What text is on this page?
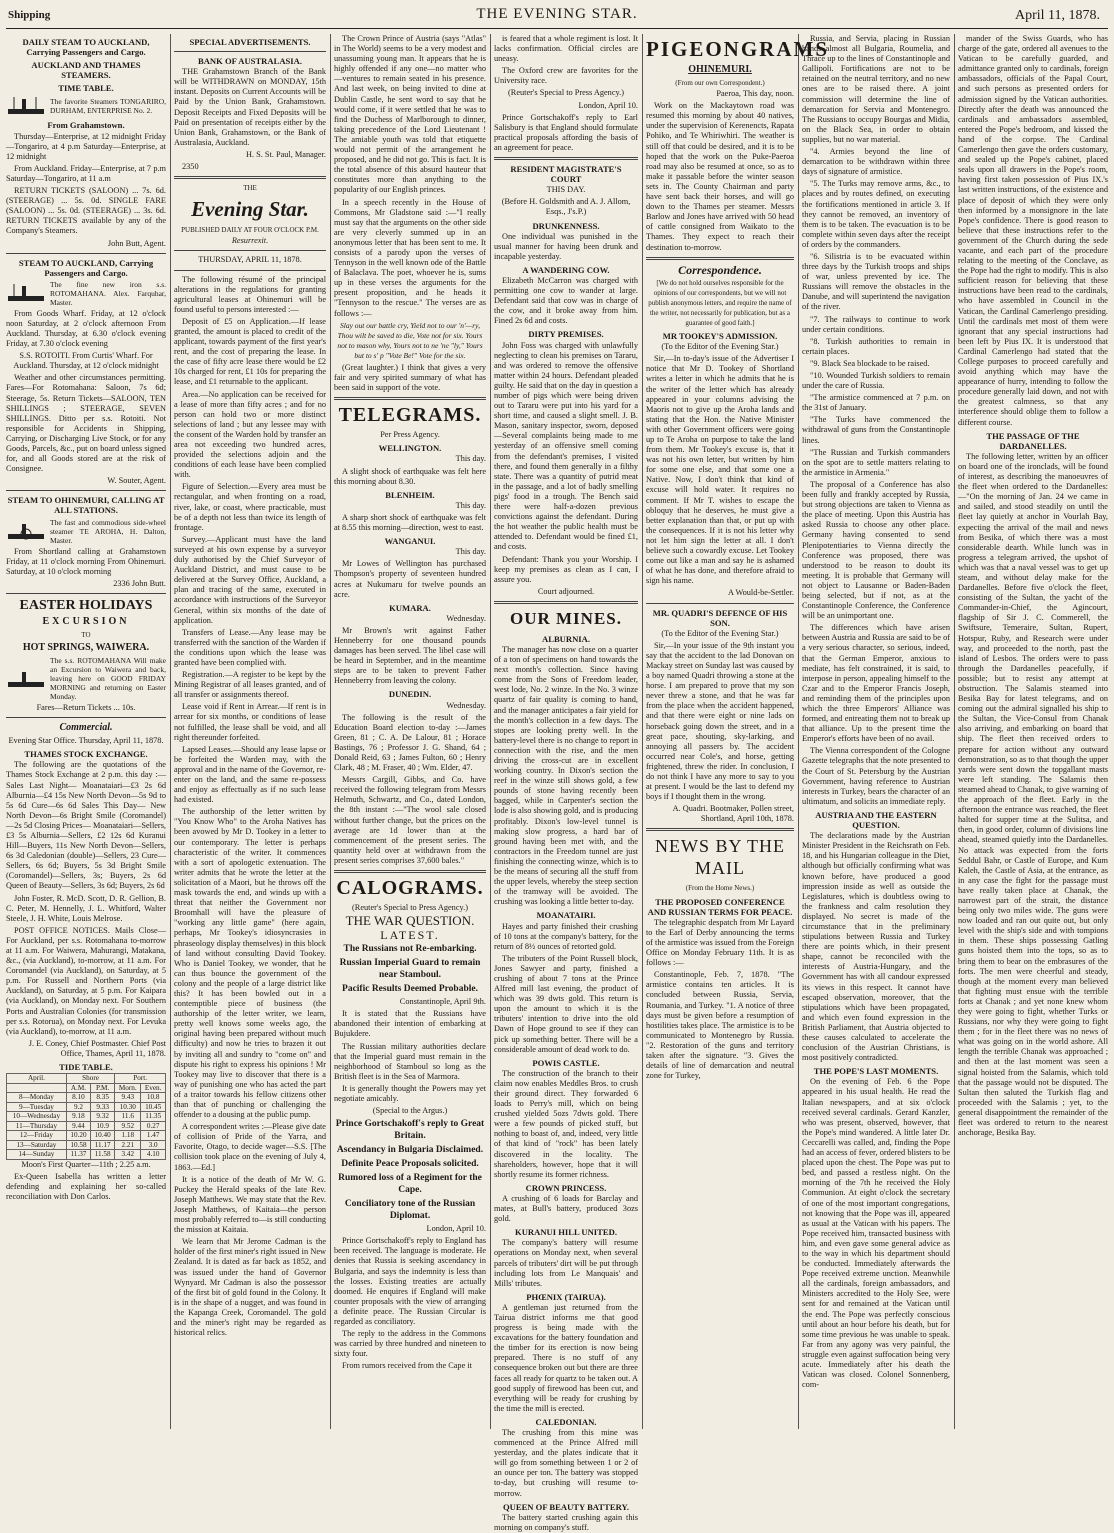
Shipping	THE EVENING STAR.	April 11, 1878.

DAILY STEAM TO AUCKLAND, Carrying Passengers and Cargo.

AUCKLAND AND THAMES STEAMERS.

TIME TABLE.

The favorite Steamers TONGARIRO, DURHAM, ENTERPRISE No. 2.

From Grahamstown.

Thursday—Enterprise, at 12 midnight Friday—Tongariro, at 4 p.m Saturday—Enterprise, at 12 midnight

From Auckland. Friday—Enterprise, at 7 p.m Saturday—Tongariro, at 11 a.m

RETURN TICKETS (SALOON) ... 7s. 6d. (STEERAGE) ... 5s. 0d. SINGLE FARE (SALOON) ... 5s. 0d. (STEERAGE) ... 3s. 6d. RETURN TICKETS available by any of the Company's Steamers.

John Butt, Agent.

STEAM TO AUCKLAND, Carrying Passengers and Cargo.

The fine new iron s.s. ROTOMAHANA. Alex. Farquhar, Master.

From Goods Wharf. Friday, at 12 o'clock noon Saturday, at 2 o'clock afternoon From Auckland. Thursday, at 6.30 o'clock evening Friday, at 7.30 o'clock evening

S.S. ROTOITI. From Curtis' Wharf. For Auckland. Thursday, at 12 o'clock midnight

Weather and other circumstances permitting. Fares—For Rotomahana: Saloon, 7s 6d; Steerage, 5s. Return Tickets—SALOON, TEN SHILLINGS ; STEERAGE, SEVEN SHILLINGS. Ditto per s.s. Rotoiti. Not responsible for Accidents in Shipping, Carrying, or Discharging Live Stock, or for any Goods, Parcels, &c., put on board unless signed for, and all Goods stored are at the risk of Consignee.

W. Souter, Agent.

STEAM TO OHINEMURI, CALLING AT ALL STATIONS.

The fast and commodious side-wheel steamer TE AROHA, H. Dalton, Master.

From Shortland calling at Grahamstown Friday, at 11 o'clock morning From Ohinemuri. Saturday, at 10 o'clock morning

2336 John Butt.

EASTER HOLIDAYS

EXCURSION

TO

HOT SPRINGS, WAIWERA.

The s.s. ROTOMAHANA Will make an Excursion to Waiwera and back, leaving here on GOOD FRIDAY MORNING and returning on Easter Monday.

Fares—Return Tickets ... 10s.

Commercial.

Evening Star Office. Thursday, April 11, 1878.

THAMES STOCK EXCHANGE.

The following are the quotations of the Thames Stock Exchange at 2 p.m. this day :— Sales Last Night— Moanataiari—£3 2s 6d Alburnia—£4 15s New North Devon—5s 9d to 5s 6d Cure—6s 6d Sales This Day— New North Devon—6s Bright Smile (Coromandel)—2s 5d Closing Prices— Moanataiari—Sellers, £3 5s Alburnia—Sellers, £2 12s 6d Kuranui Hill—Buyers, 11s New North Devon—Sellers, 6s 3d Caledonian (double)—Sellers, 23 Cure—Sellers, 6s 6d; Buyers, 5s 3d Bright Smile (Coromandel)—Sellers, 3s; Buyers, 2s 6d Queen of Beauty—Sellers, 3s 6d; Buyers, 2s 6d

John Foster, R. McD. Scott, D. R. Gellion, B. C. Peter, M. Hennelly, J. L. Whitford, Walter Steele, J. H. White, Louis Melrose.

POST OFFICE NOTICES. Mails Close— For Auckland, per s.s. Rotomahana to-morrow at 11 a.m. For Waiwera, Mahurangi, Matakana, &c., (via Auckland), to-morrow, at 11 a.m. For Coromandel (via Auckland), on Saturday, at 5 p.m. For Russell and Northern Ports (via Auckland), on Saturday, at 5 p.m. For Kaipara (via Auckland), on Monday next. For Southern Ports and Australian Colonies (for transmission per s.s. Rotorua), on Monday next. For Levuka (via Auckland), to-morrow, at 11 a.m.

J. E. Coney, Chief Postmaster. Chief Post Office, Thames, April 11, 1878.

TIDE TABLE.

April.	Shore		Port.	
	A.M.	P.M.	Morn.	Even.
8—Monday	8.10	8.35	9.43	10.8
9—Tuesday	9.2	9.33	10.30	10.45
10—Wednesday	9.18	9.32	11.6	11.35
11—Thursday	9.44	10.9	9.52	0.27
12—Friday	10.20	10.40	1.18	1.47
13—Saturday	10.58	11.17	2.21	3.0
14—Sunday	11.37	11.58	3.42	4.10

Moon's First Quarter—11th ; 2.25 a.m.

Ex-Queen Isabella has written a letter defending and explaining her so-called reconciliation with Don Carlos.

SPECIAL ADVERTISEMENTS.

BANK OF AUSTRALASIA.

THE Grahamstown Branch of the Bank will be WITHDRAWN on MONDAY, 15th instant. Deposits on Current Accounts will be Paid by the Union Bank, Grahamstown. Deposit Receipts and Fixed Deposits will be Paid on presentation of receipts either by the Union Bank, Grahamstown, or the Bank of Australasia, Auckland.

H. S. St. Paul, Manager.

2350

THE

Evening Star.

PUBLISHED DAILY AT FOUR O'CLOCK P.M.

Resurrexit.

THURSDAY, APRIL 11, 1878.

The following résumé of the principal alterations in the regulations for granting agricultural leases at Ohinemuri will be found useful to persons interested :—

Deposit of £5 on Application.—If lease granted, the amount is placed to credit of the applicant, towards payment of the first year's rent, and the cost of preparing the lease. In the case of fifty acre lease there would be £2 10s charged for rent, £1 10s for preparing the lease, and £1 returnable to the applicant.

Area.—No application can be received for a lease of more than fifty acres ; and for no person can hold two or more distinct selections of land ; but any lessee may with the consent of the Warden hold by transfer an area not exceeding two hundred acres, provided the selections adjoin and the conditions of each lease have been complied with.

Figure of Selection.—Every area must be rectangular, and when fronting on a road, river, lake, or coast, where practicable, must be of a depth not less than twice its length of frontage.

Survey.—Applicant must have the land surveyed at his own expense by a surveyor duly authorised by the Chief Surveyor of Auckland District, and must cause to be delivered at the Survey Office, Auckland, a plan and tracing of the same, executed in accordance with instructions of the Surveyor General, within six months of the date of application.

Transfers of Lease.—Any lease may be transferred with the sanction of the Warden if the conditions upon which the lease was granted have been complied with.

Registration.—A register to be kept by the Mining Registrar of all leases granted, and of all transfer or assignments thereof.

Lease void if Rent in Arrear.—If rent is in arrear for six months, or conditions of lease not fulfilled, the lease shall be void, and all right thereunder forfeited.

Lapsed Leases.—Should any lease lapse or be forfeited the Warden may, with the approval and in the name of the Governor, re-enter on the land, and the same re-possess and enjoy as effectually as if no such lease had existed.

The authorship of the letter written by "You Know Who" to the Aroha Natives has been avowed by Mr D. Tookey in a letter to our contemporary. The letter is perhaps characteristic of the writer. It commences with a sort of apologetic extenuation. The writer admits that he wrote the letter at the solicitation of a Maori, but he throws off the mask towards the end, and winds up with a threat that neither the Government nor Broomhall will have the pleasure of "working any little game" (here again, perhaps, Mr Tookey's idiosyncrasies in phraseology display themselves) in this block of land without consulting David Tookey. Who is Daniel Tookey, we wonder, that he can thus bounce the government of the colony and the people of a large district like this? It has been bowled out in a contemptible piece of business (the authorship of the letter writer, we learn, pretty well knows some weeks ago, the original having been prepared without much difficulty) and now he tries to brazen it out by inviting all and sundry to "come on" and dispute his right to express his opinions ! Mr Tookey may live to discover that there is a way of punishing one who has acted the part of a traitor towards his fellow citizens other than that of punching or challenging the offender to a dousing at the public pump.

A correspondent writes :—Please give date of collision of Pride of the Yarra, and Favorite, Otago, to decide wager—S.S. [The collision took place on the evening of July 4, 1863.—Ed.]

It is a notice of the death of Mr W. G. Puckey the Herald speaks of the late Rev. Joseph Matthews. We may state that the Rev. Joseph Matthews, of Kaitaia—the person most probably referred to—is still conducting the mission at Kaitaia.

We learn that Mr Jerome Cadman is the holder of the first miner's right issued in New Zealand. It is dated as far back as 1852, and was issued under the hand of Governor Wynyard. Mr Cadman is also the possessor of the first bit of gold found in the Colony. It is in the shape of a nugget, and was found in the Kapanga Creek, Coromandel. The gold and the miner's right may be regarded as historical relics.

The Crown Prince of Austria (says "Atlas" in The World) seems to be a very modest and unassuming young man. It appears that he is highly offended if any one—no matter who—ventures to remain seated in his presence. And last week, on being invited to dine at Dublin Castle, he sent word to say that he would come, if it were settled that he was to find the Duchess of Marlborough to dinner, taking precedence of the Lord Lieutenant ! The amiable youth was told that etiquette would not permit of the arrangement he proposed, and he did not go. This is fact. It is the total absence of this absurd hauteur that constitutes more than anything to the popularity of our English princes.

In a speech recently in the House of Commons, Mr Gladstone said :—"I really must say that the arguments on the other side are very cleverly summed up in an anonymous letter that has been sent to me. It consists of a parody upon the verses of Tennyson in the well known ode of the Battle of Balaclava. The poet, whoever he is, sums up in these verses the arguments for the present proposition, and he heads it "Tennyson to the rescue." The verses are as follows :—

Slay out our battle cry, Yield not to our 'n'—ry, Thou wilt be saved to die, Vote not for six. Yours not to mason why, Yours not to ne 'ne "ly," Yours but to s' p "Vote Be!" Vote for the six.

(Great laughter.) I think that gives a very fair and very spirited summary of what has been said in support of the vote.

TELEGRAMS.

Per Press Agency.

WELLINGTON.

This day.

A slight shock of earthquake was felt here this morning about 8.30.

BLENHEIM.

This day.

A sharp short shock of earthquake was felt at 8.55 this morning—direction, west to east.

WANGANUI.

This day.

Mr Lowes of Wellington has purchased Thompson's property of seventeen hundred acres at Nukumaru for twelve pounds an acre.

KUMARA.

Wednesday.

Mr Brown's writ against Father Henneberry for one thousand pounds damages has been served. The libel case will be heard in September, and in the meantime steps are to be taken to prevent Father Henneberry from leaving the colony.

DUNEDIN.

Wednesday.

The following is the result of the Education Board election to-day :—James Green, 81 ; C. A. De Lalour, 81 ; Horace Bastings, 76 ; Professor J. G. Shand, 64 ; Donald Reid, 63 ; James Fulton, 60 ; Henry Clark, 48 ; M. Fraser, 40 ; Wm. Elder, 47.

Messrs Cargill, Gibbs, and Co. have received the following telegram from Messrs Helmuth, Schwartz, and Co., dated London, the 8th instant :—"The wool sale closed without further change, but the prices on the average are 1d lower than at the commencement of the present series. The quantity held over at withdrawn from the present series comprises 37,600 bales."

CALOGRAMS.

(Reuter's Special to Press Agency.)

THE WAR QUESTION.

LATEST.

The Russians not Re-embarking.

Russian Imperial Guard to remain near Stamboul.

Pacific Results Deemed Probable.

Constantinople, April 9th.

It is stated that the Russians have abandoned their intention of embarking at Bujukdere.

The Russian military authorities declare that the Imperial guard must remain in the neighborhood of Stamboul so long as the British fleet is in the Sea of Marmora.

It is generally thought the Powers may yet negotiate amicably.

(Special to the Argus.)

Prince Gortschakoff's reply to Great Britain.

Ascendancy in Bulgaria Disclaimed.

Definite Peace Proposals solicited.

Rumored loss of a Regiment for the Cape.

Conciliatory tone of the Russian Diplomat.

London, April 10.

Prince Gortschakoff's reply to England has been received. The language is moderate. He denies that Russia is seeking ascendancy in Bulgaria, and says the indemnity is less than the losses. Existing treaties are actually doomed. He enquires if England will make counter proposals with the view of arranging a definite peace. The Russian Circular is regarded as conciliatory.

The reply to the address in the Commons was carried by three hundred and nineteen to sixty four.

From rumors received from the Cape it

is feared that a whole regiment is lost. It lacks confirmation. Official circles are uneasy.

The Oxford crew are favorites for the University race.

(Reuter's Special to Press Agency.)

London, April 10.

Prince Gortschakoff's reply to Earl Salisbury is that England should formulate practical proposals affording the basis of an agreement for peace.

RESIDENT MAGISTRATE'S COURT

THIS DAY.

(Before H. Goldsmith and A. J. Allom, Esqs., J's.P.)

DRUNKENNESS.

One individual was punished in the usual manner for having been drunk and incapable yesterday.

A WANDERING COW.

Elizabeth McCarron was charged with permitting one cow to wander at large. Defendant said that cow was in charge of the cow, and it broke away from him. Fined 2s 6d and costs.

DIRTY PREMISES.

John Foss was charged with unlawfully neglecting to clean his premises on Tararu, and was ordered to remove the offensive matter within 24 hours. Defendant pleaded guilty. He said that on the day in question a number of pigs which were being driven out to Tararu were put into his yard for a short time, and caused a slight smell. J. B. Mason, sanitary inspector, sworn, deposed—Several complaints being made to me yesterday of an offensive smell coming from the defendant's premises, I visited there, and found them generally in a filthy state. There was a quantity of putrid meat in the passage, and a lot of badly smelling pigs' food in a trough. The Bench said there were half-a-dozen previous convictions against the defendant. During the hot weather the public health must be attended to. Defendant would be fined £1, and costs.

Defendant: Thank you your Worship. I keep my premises as clean as I can, I assure you.

Court adjourned.

OUR MINES.

ALBURNIA.

The manager has now close on a quarter of a ton of specimens on hand towards the next month's collection. Since having come from the Sons of Freedom leader, west lode, No. 2 winze. In the No. 3 winze quartz of fair quality is coming to hand, and the manager anticipates a fair yield for the month's collection in a few days. The stopes are looking pretty well. In the battery-level there is no change to report in connection with the rise, and the men driving the cross-cut are in excellent working country. In Dixon's section the reef in the winze still shows gold, a few pounds of stone having recently been bagged, while in Carpenter's section the lode is also showing gold, and is producing profitably. Dixon's low-level tunnel is making slow progress, a hard bar of ground having been met with, and the contractors in the Freedom tunnel are just finishing the connecting winze, which is to be the means of securing all the stuff from the upper levels, whereby the steep section of the tramway will be avoided. The crushing was looking a little better to-day.

MOANATAIRI.

Hayes and party finished their crushing of 10 tons at the company's battery, for the return of 8½ ounces of retorted gold.

The tributers of the Point Russell block, Jones Sawyer and party, finished a crushing of about 7 tons at the Prince Alfred mill last evening, the product of which was 39 dwts gold. This return is upon the amount to which it is the tributers' intention to drive into the old Dawn of Hope ground to see if they can pick up something better. There will be a considerable amount of dead work to do.

POWIS CASTLE.

The construction of the branch to their claim now enables Meddles Bros. to crush their ground direct. They forwarded 6 loads to Perry's mill, which on being crushed yielded 5ozs 7dwts gold. There were a few pounds of picked stuff, but nothing to boast of, and, indeed, very little of that kind of "rock" has been lately discovered in the locality. The shareholders, however, hope that it will shortly resume its former richness.

CROWN PRINCESS.

A crushing of 6 loads for Barclay and mates, at Bull's battery, produced 3ozs gold.

KURANUI HILL UNITED.

The company's battery will resume operations on Monday next, when several parcels of tributers' dirt will be put through including lots from Le Manquais' and Mills' tributes.

PHŒNIX (TAIRUA).

A gentleman just returned from the Tairua district informs me that good progress is being made with the excavations for the battery foundation and the timber for its erection is now being prepared. There is no stuff of any consequence broken out but there are three faces all ready for quartz to be taken out. A good supply of firewood has been cut, and everything will be ready for crushing by the time the mill is erected.

CALEDONIAN.

The crushing from this mine was commenced at the Prince Alfred mill yesterday, and the plates indicate that it will go from something between 1 or 2 of an ounce per ton. The battery was stopped to-day, but crushing will resume to-morrow.

QUEEN OF BEAUTY BATTERY.

The battery started crushing again this morning on company's stuff.

PIGEONGRAMS

OHINEMURI.

(From our own Correspondent.)

Paeroa, This day, noon.

Work on the Mackaytown road was resumed this morning by about 40 natives, under the supervision of Kerenencts, Rapata Pohiko, and Te Whiriwhiri. The weather is still off that could be desired, and it is to be hoped that the work on the Puke-Paeroa road may also be resumed at once, so as to make it passable before the winter season sets in. The County Chairman and party have sent back their horses, and will go down to the Thames per steamer. Messrs Barlow and Jones have arrived with 50 head of cattle consigned from Waikato to the Thames. They expect to reach their destination to-morrow.

Correspondence.

[We do not hold ourselves responsible for the opinions of our correspondents, but we will not publish anonymous letters, and require the name of the writer, not necessarily for publication, but as a guarantee of good faith.]

MR TOOKEY'S ADMISSION.

(To the Editor of the Evening Star.)

Sir,—In to-day's issue of the Advertiser I notice that Mr D. Tookey of Shortland writes a letter in which he admits that he is the writer of the letter which has already appeared in your columns advising the Maoris not to give up the Aroha lands and stating that the Hon. the Native Minister with other Government officers were going up to Te Aroha on purpose to take the land from them. Mr Tookey's excuse is, that it was not his own letter, but written by him for some one else, and that some one a Native. Now, I don't think that kind of excuse will hold water. It requires no comment. If Mr T. wishes to escape the obloquy that he deserves, he must give a better explanation than that, or put up with the consequences. If it is not his letter why not let him sign the letter at all. I don't believe such a cowardly excuse. Let Tookey come out like a man and say he is ashamed of what he has done, and therefore afraid to sign his name.

A Would-be-Settler.

MR. QUADRI'S DEFENCE OF HIS SON.

(To the Editor of the Evening Star.)

Sir,—In your issue of the 9th instant you say that the accident to the lad Donovan on Mackay street on Sunday last was caused by a boy named Quadri throwing a stone at the horse. I am prepared to prove that my son never threw a stone, and that he was far from the place when the accident happened, and that there were eight or nine lads on horseback going down the street, and in a great pace, shouting, sky-larking, and annoying all passers by. The accident occurred near Cole's, and horse, getting frightened, threw the rider. In conclusion, I do not think I have any more to say to you at present. I would be the last to defend my boys if I thought them in the wrong.

A. Quadri. Bootmaker, Pollen street, Shortland, April 10th, 1878.

NEWS BY THE MAIL

(From the Home News.)

THE PROPOSED CONFERENCE AND RUSSIAN TERMS FOR PEACE.

The telegraphic despatch from Mr Layard to the Earl of Derby announcing the terms of the armistice was issued from the Foreign Office on Monday February 11th. It is as follows :—

Constantinople, Feb. 7, 1878. "The armistice contains ten articles. It is concluded between Russia, Servia, Roumania, and Turkey. "1. A notice of three days must be given before a resumption of hostilities takes place. The armistice is to be communicated to Montenegro by Russia. "2. Restoration of the guns and territory taken after the signature. "3. Gives the details of line of demarcation and neutral zone for Turkey,

Russia, and Servia, placing in Russian hands almost all Bulgaria, Roumelia, and Thrace up to the lines of Constantinople and Gallipoli. Fortifications are not to be retained on the neutral territory, and no new ones are to be raised there. A joint commission will determine the line of demarcation for Servia and Montenegro. The Russians to occupy Bourgas and Midia, on the Black Sea, in order to obtain supplies, but no war material.

"4. Armies beyond the line of demarcation to be withdrawn within three days of signature of armistice.

"5. The Turks may remove arms, &c., to places and by routes defined, on executing the fortifications mentioned in article 3. If they cannot be removed, an inventory of them is to be taken. The evacuation is to be complete within seven days after the receipt of orders by the commanders.

"6. Silistria is to be evacuated within three days by the Turkish troops and ships of war, unless prevented by ice. The Russians will remove the obstacles in the Danube, and will superintend the navigation of the river.

"7. The railways to continue to work under certain conditions.

"8. Turkish authorities to remain in certain places.

"9. Black Sea blockade to be raised.

"10. Wounded Turkish soldiers to remain under the care of Russia.

"The armistice commenced at 7 p.m. on the 31st of January.

"The Turks have commenced the withdrawal of guns from the Constantinople lines.

"The Russian and Turkish commanders on the spot are to settle matters relating to the armistice in Armenia."

The proposal of a Conference has also been fully and frankly accepted by Russia, but strong objections are taken to Vienna as the place of meeting. Upon this Austria has asked Russia to choose any other place. Germany having consented to send Plenipotentiaries to Vienna directly the Conference was proposed, there was understood to be reason to doubt its meeting. It is probable that Germany will not object to Lausanne or Baden-Baden being selected, but if not, as at the Constantinople Conference, the Conference will be an unimportant one.

The differences which have arisen between Austria and Russia are said to be of a very serious character, so serious, indeed, that the German Emperor, anxious to mediate, has felt constrained, it is said, to interpose in person, appealing himself to the Czar and to the Emperor Francis Joseph, and reminding them of the principles upon which the three Emperors' Alliance was formed, and entreating them not to break up that alliance. Up to the present time the Emperor's efforts have been of no avail.

The Vienna correspondent of the Cologne Gazette telegraphs that the note presented to the Court of St. Petersburg by the Austrian Government, having reference to Austrian interests in Turkey, bears the character of an ultimatum, and solicits an immediate reply.

AUSTRIA AND THE EASTERN QUESTION.

The declarations made by the Austrian Minister President in the Reichsrath on Feb. 18, and his Hungarian colleague in the Diet, although but officially confirming what was known before, have produced a good impression inside as well as outside the Legislatures, which is doubtless owing to the frankness and calm resolution they displayed. No secret is made of the circumstance that in the preliminary stipulations between Russia and Turkey there are points which, in their present shape, cannot be reconciled with the interests of Austria-Hungary, and the Government has with all candour expressed its views in this respect. It cannot have escaped observation, moreover, that the stipulations which have been propagated, and which even found expression in the British Parliament, that Austria objected to these causes calculated to accelerate the conclusion of the Austrian Christians, is most positively contradicted.

THE POPE'S LAST MOMENTS.

On the evening of Feb. 6 the Pope appeared in his usual health. He read the Italian newspapers, and at six o'clock received several cardinals. Gerard Kanzler, who was present, observed, however, that the Pope's mind wandered. A little later Dr. Ceccarelli was called, and, finding the Pope had an access of fever, ordered blisters to be placed upon the chest. The Pope was put to bed, and passed a restless night. On the morning of the 7th he received the Holy Communion. At eight o'clock the secretary of one of the most important congregations, not knowing that the Pope was ill, appeared as usual at the Vatican with his papers. The Pope received him, transacted business with him, and even gave some general advice as to the way in which his department should be conducted. Immediately afterwards the Pope received extreme unction. Meanwhile all the cardinals, foreign ambassadors, and Ministers accredited to the Holy See, were sent for and remained at the Vatican until the end. The Pope was perfectly conscious until about an hour before his death, but for some time previous he was unable to speak. Far from any agony was very painful, the struggle even against suffocation being very acute. Immediately after his death the Vatican was closed. Colonel Sonnenberg, com-

mander of the Swiss Guards, who has charge of the gate, ordered all avenues to the Vatican to be carefully guarded, and admittance granted only to cardinals, foreign ambassadors, officials of the Papal Court, and such persons as presented orders for admission signed by the Vatican authorities. Directly after the death was announced the cardinals and ambassadors assembled, entered the Pope's bedroom, and kissed the hand of the corpse. The Cardinal Camerlengo then gave the orders customary, and sealed up the Pope's cabinet, placed seals upon all drawers in the Pope's room, having first taken possession of Pius IX.'s last written instructions, of the existence and place of deposit of which they were only then informed by a monsignore in the late Pope's confidence. There is good reason to believe that these instructions refer to the government of the Church during the sede vacante, and each part of the procedure relating to the meeting of the Conclave, as the Pope had the right to modify. This is also sufficient reason for believing that these instructions have been read to the cardinals, who have assembled in Council in the Vatican, the Cardinal Camerlengo presiding. Until the cardinals met most of them were ignorant that any special instructions had been left by Pius IX. It is understood that Cardinal Camerlengo had stated that the College purposes to proceed carefully and avoid anything which may have the appearance of hurry, intending to follow the procedure generally laid down, and not with the greatest calmness, so that any interference should oblige them to follow a different course.

THE PASSAGE OF THE DARDANELLES.

The following letter, written by an officer on board one of the ironclads, will be found of interest, as describing the manoeuvres of the fleet when ordered to the Dardanelles:—"On the morning of Jan. 24 we came in and sailed, and stood steadily on until the fleet lay quietly at anchor in Vourlah Bay, expecting the arrival of the mail and news from Besika, of which there was a most considerable dearth. While lunch was in progress a telegram arrived, the upshot of which was that a naval vessel was to get up steam, and without delay make for the Dardanelles. Before five o'clock the fleet, consisting of the Sultan, the yacht of the Commander-in-Chief, the Agincourt, flagship of Sir J. C. Commerell, the Swiftsure, Temeraire, Sultan, Rupert, Hotspur, Ruby, and Research were under way, and proceeded to the north, past the island of Lesbos. The orders were to pass through the Dardanelles peacefully, if possible; but to resist any attempt at obstruction. The Salamis steamed into Besika Bay for latest telegrams, and on coming out the admiral signalled his ship to the Sultan, the Vice-Consul from Chanak also arriving, and embarking on board that ship. The fleet then received orders to prepare for action without any outward demonstration, so as to that though the upper yards were sent down the topgallant masts were left standing. The Salamis then steamed ahead to Chanak, to give warning of the approach of the fleet. Early in the afternoon the entrance was reached, the fleet halted for supper time at the Sulitsa, and then, in good order, column of divisions line ahead, steamed quietly into the Dardanelles. No attack was expected from the forts Seddul Bahr, or Castle of Europe, and Kum Kaleh, the Castle of Asia, at the entrance, as in any case the fight for the passage must have really taken place at Chanak, the narrowest part of the strait, the distance being only two miles wide. The guns were now loaded and ran out quite out, but only level with the ship's side and with tompions in them. These ships possessing Gatling guns hoisted them into the tops, so as to bring them to bear on the embrasures of the forts. The men were cheerful and steady, though at the moment every man believed that fighting must ensue with the terrible forts at Chanak ; and yet none knew whom they were going to fight, whether Turks or Russians, nor why they were going to fight them ; for in the fleet there was no news of what was going on in the world ashore. All length the terrible Chanak was approached ; and then at the last moment was seen a signal hoisted from the Salamis, which told that the passage would not be disputed. The Sultan then saluted the Turkish flag and proceeded with the Salamis ; yet, to the general disappointment the remainder of the fleet was ordered to return to the nearest anchorage, Besika Bay.
